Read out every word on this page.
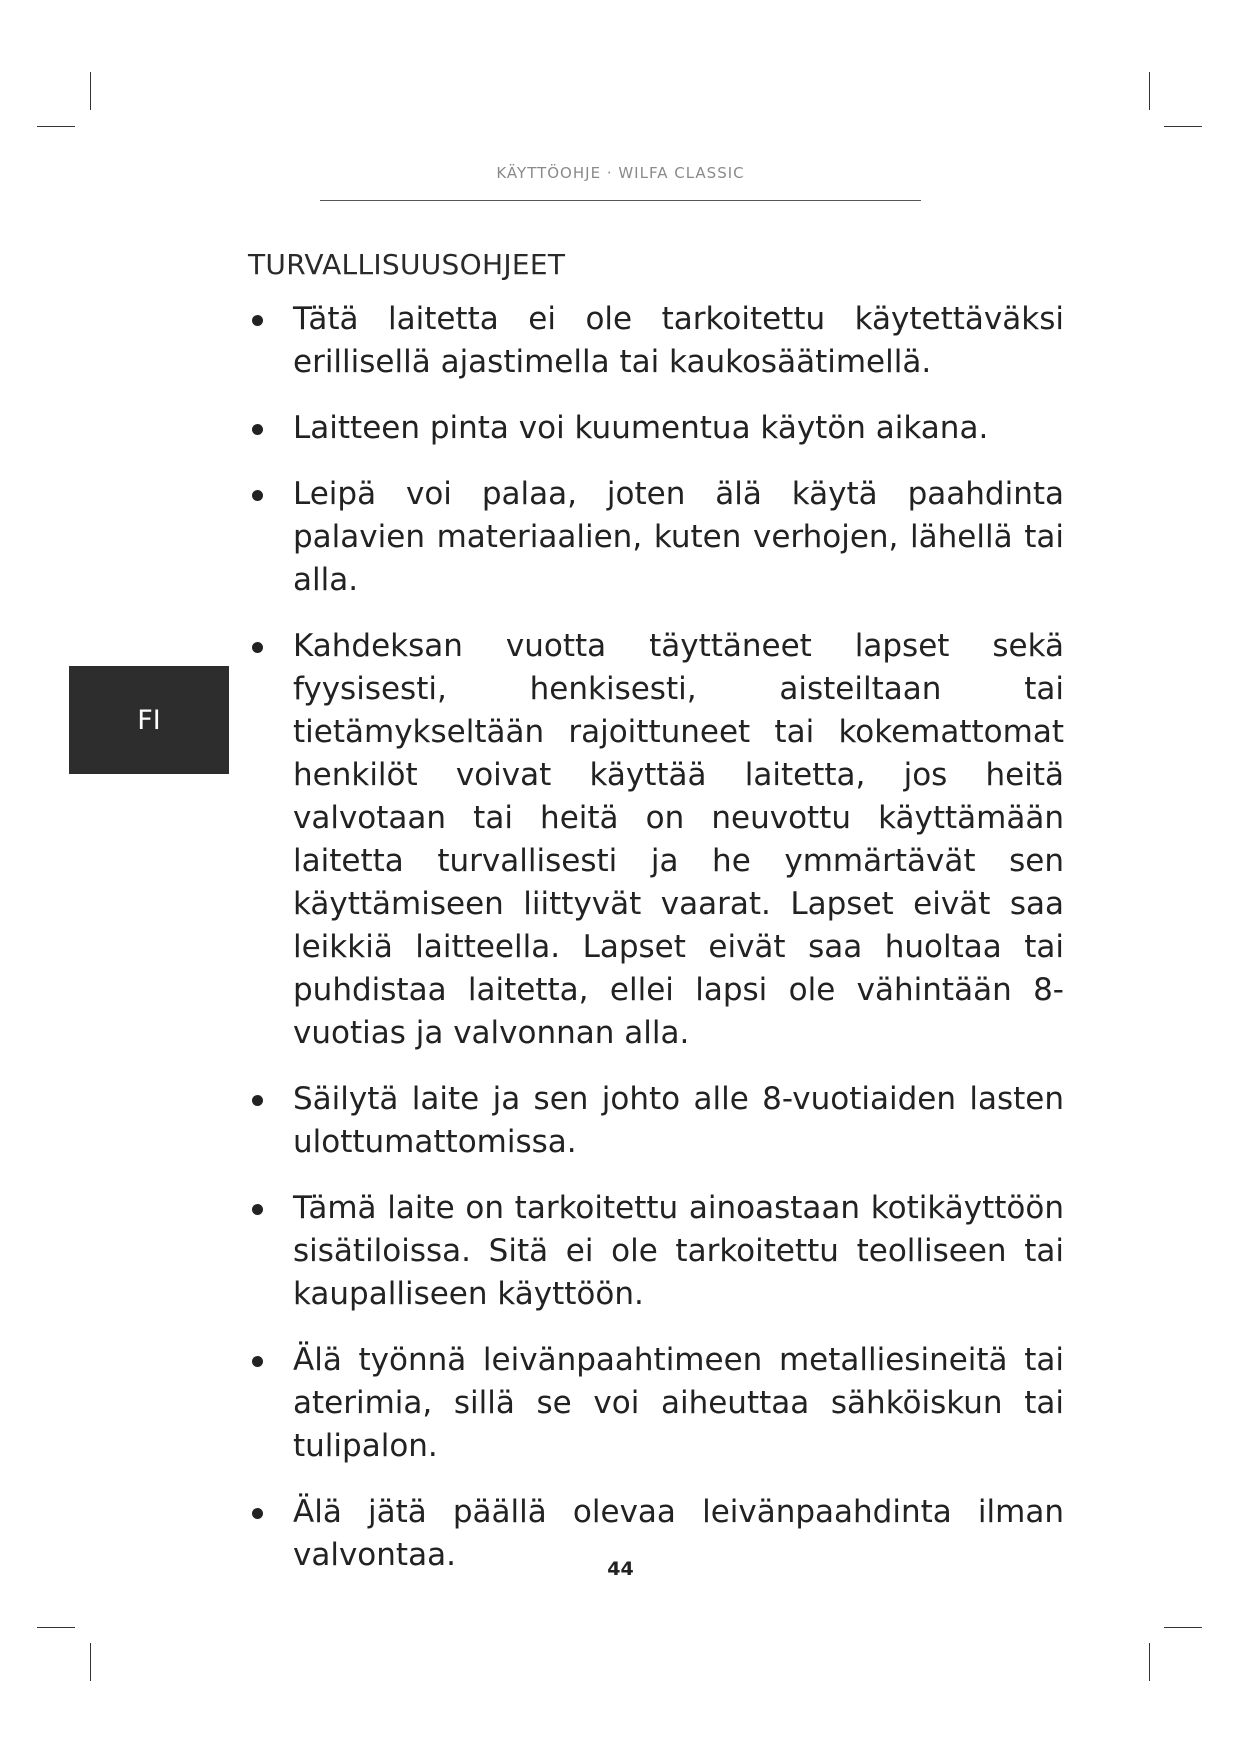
KÄYTTÖOHJE · WILFA CLASSIC
TURVALLISUUSOHJEET
Tätä laitetta ei ole tarkoitettu käytettäväksi erillisellä ajastimella tai kaukosäätimellä.
Laitteen pinta voi kuumentua käytön aikana.
Leipä voi palaa, joten älä käytä paahdinta palavien materiaalien, kuten verhojen, lähellä tai alla.
Kahdeksan vuotta täyttäneet lapset sekä fyysisesti, henkisesti, aisteiltaan tai tietämykseltään rajoittuneet tai kokemattomat henkilöt voivat käyttää laitetta, jos heitä valvotaan tai heitä on neuvottu käyttämään laitetta turvallisesti ja he ymmärtävät sen käyttämiseen liittyvät vaarat. Lapset eivät saa leikkiä laitteella. Lapset eivät saa huoltaa tai puhdistaa laitetta, ellei lapsi ole vähintään 8-vuotias ja valvonnan alla.
Säilytä laite ja sen johto alle 8-vuotiaiden lasten ulottumattomissa.
Tämä laite on tarkoitettu ainoastaan kotikäyttöön sisätiloissa. Sitä ei ole tarkoitettu teolliseen tai kaupalliseen käyttöön.
Älä työnnä leivänpaahtimeen metalliesineitä tai aterimia, sillä se voi aiheuttaa sähköiskun tai tulipalon.
Älä jätä päällä olevaa leivänpaahdinta ilman valvontaa.
FI
44
